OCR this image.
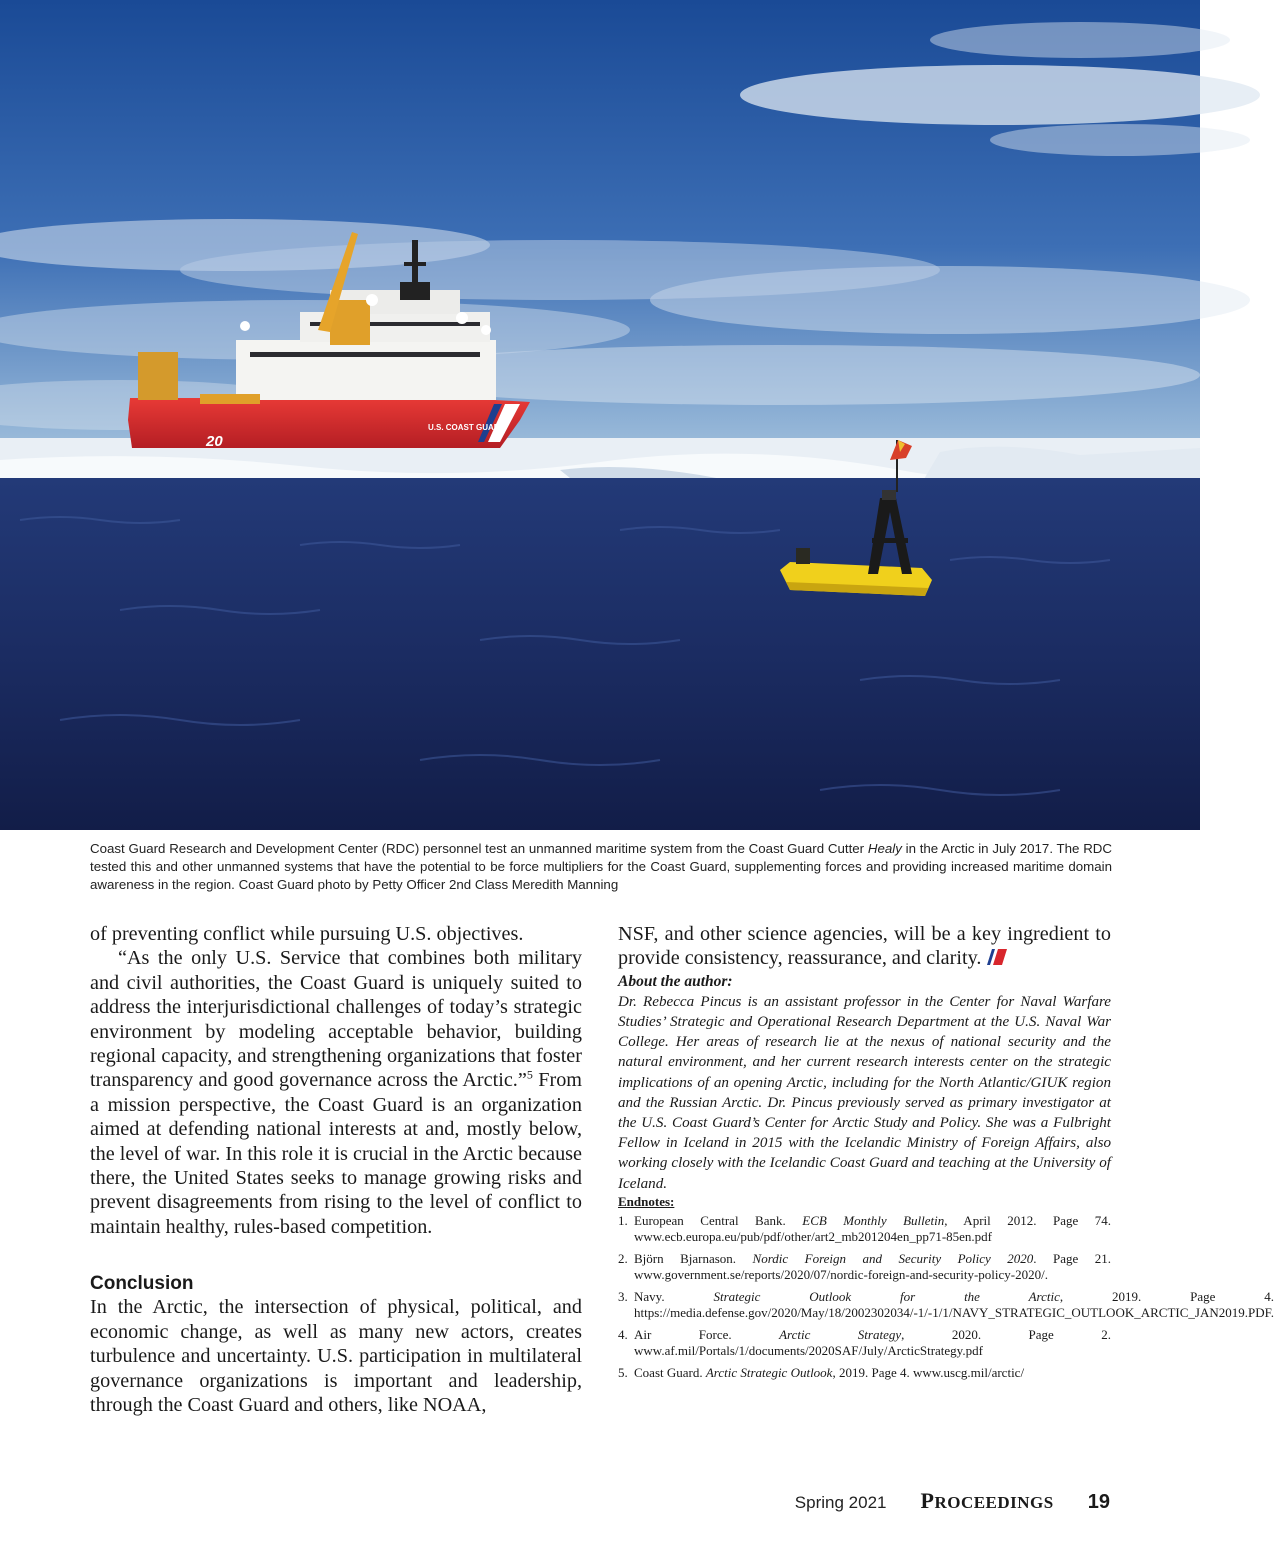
U.S. COAST GUARD
20
Coast Guard Research and Development Center (RDC) personnel test an unmanned maritime system from the Coast Guard Cutter Healy in the Arctic in July 2017. The RDC tested this and other unmanned systems that have the potential to be force multipliers for the Coast Guard, supplementing forces and providing increased maritime domain awareness in the region. Coast Guard photo by Petty Officer 2nd Class Meredith Manning

of preventing conflict while pursuing U.S. objectives.

“As the only U.S. Service that combines both military and civil authorities, the Coast Guard is uniquely suited to address the interjurisdictional challenges of today’s strategic environment by modeling acceptable behavior, building regional capacity, and strengthening organizations that foster transparency and good governance across the Arctic.”$^5$ From a mission perspective, the Coast Guard is an organization aimed at defending national interests at and, mostly below, the level of war. In this role it is crucial in the Arctic because there, the United States seeks to manage growing risks and prevent disagreements from rising to the level of conflict to maintain healthy, rules-based competition.

Conclusion

In the Arctic, the intersection of physical, political, and economic change, as well as many new actors, creates turbulence and uncertainty. U.S. participation in multilateral governance organizations is important and leadership, through the Coast Guard and others, like NOAA,

NSF, and other science agencies, will be a key ingredient to provide consistency, reassurance, and clarity.

About the author:

Dr. Rebecca Pincus is an assistant professor in the Center for Naval Warfare Studies’ Strategic and Operational Research Department at the U.S. Naval War College. Her areas of research lie at the nexus of national security and the natural environment, and her current research interests center on the strategic implications of an opening Arctic, including for the North Atlantic/GIUK region and the Russian Arctic. Dr. Pincus previously served as primary investigator at the U.S. Coast Guard’s Center for Arctic Study and Policy. She was a Fulbright Fellow in Iceland in 2015 with the Icelandic Ministry of Foreign Affairs, also working closely with the Icelandic Coast Guard and teaching at the University of Iceland.

Endnotes:

1. European Central Bank. ECB Monthly Bulletin, April 2012. Page 74. www.ecb.europa.eu/pub/pdf/other/art2_mb201204en_pp71-85en.pdf
2. Björn Bjarnason. Nordic Foreign and Security Policy 2020. Page 21. www.government.se/reports/2020/07/nordic-foreign-and-security-policy-2020/.
3. Navy. Strategic Outlook for the Arctic, 2019. Page 4. https://media.defense.gov/2020/May/18/2002302034/-1/-1/1/NAVY_STRATEGIC_OUTLOOK_ARCTIC_JAN2019.PDF.
4. Air Force. Arctic Strategy, 2020. Page 2. www.af.mil/Portals/1/documents/2020SAF/July/ArcticStrategy.pdf
5. Coast Guard. Arctic Strategic Outlook, 2019. Page 4. www.uscg.mil/arctic/
Spring 2021 PROCEEDINGS 19
